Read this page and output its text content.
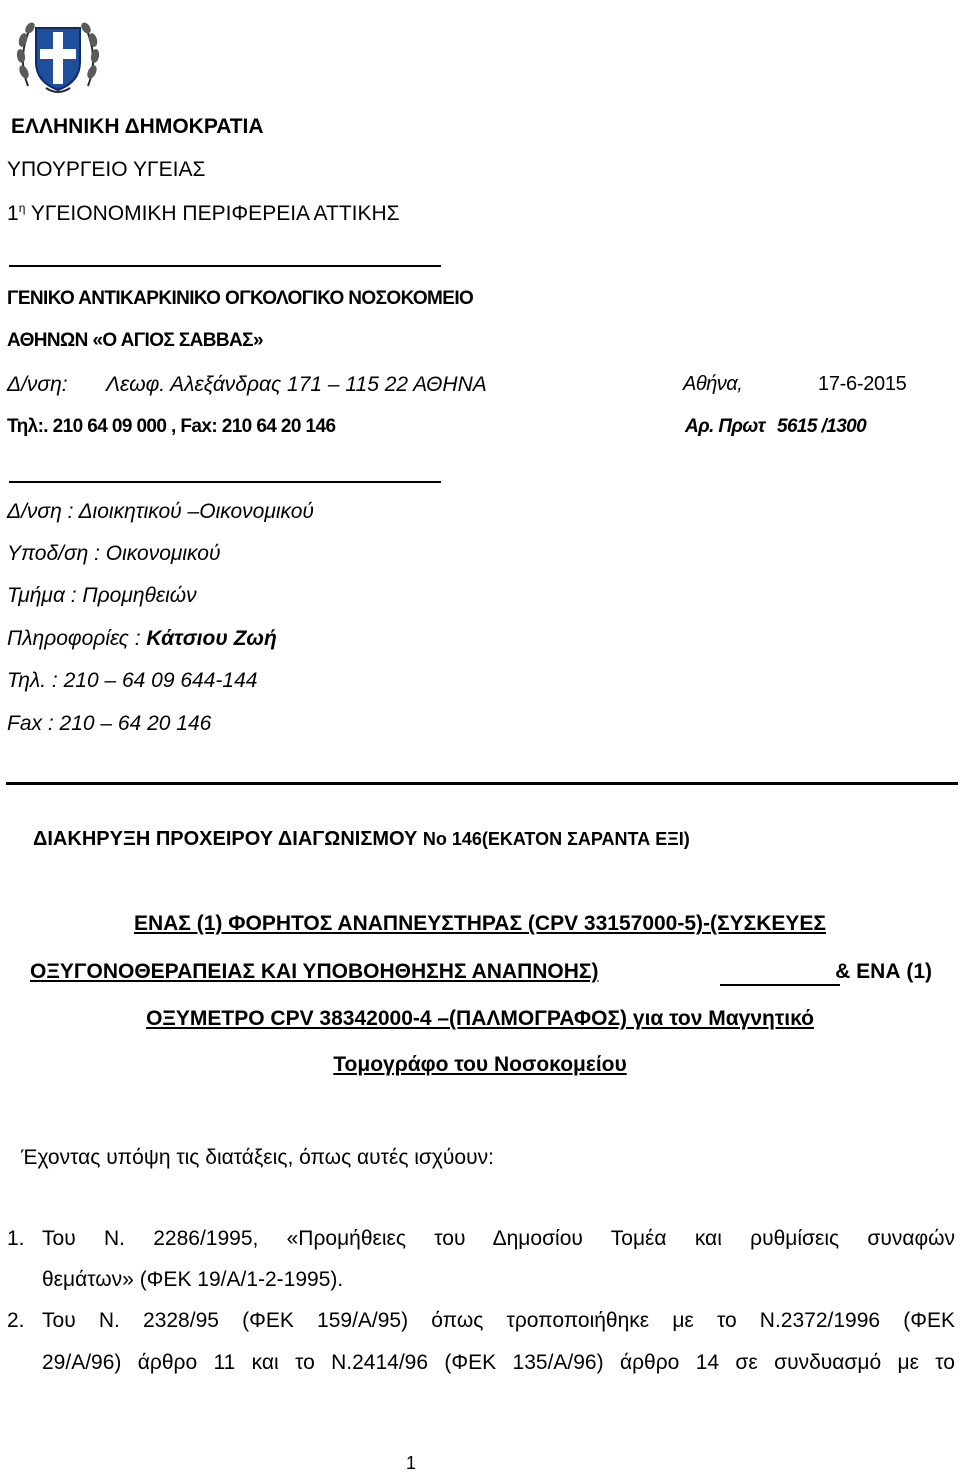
ΕΛΛΗΝΙΚΗ ΔΗΜΟΚΡΑΤΙΑ
ΥΠΟΥΡΓΕΙΟ ΥΓΕΙΑΣ
$1^\eta$ ΥΓΕΙΟΝΟΜΙΚΗ ΠΕΡΙΦΕΡΕΙΑ ΑΤΤΙΚΗΣ
ΓΕΝΙΚΟ ΑΝΤΙΚΑΡΚΙΝΙΚΟ ΟΓΚΟΛΟΓΙΚΟ ΝΟΣΟΚΟΜΕΙΟ
ΑΘΗΝΩΝ «Ο ΑΓΙΟΣ ΣΑΒΒΑΣ»
Δ/νση: Λεωφ. Αλεξάνδρας 171 – 115 22 ΑΘΗΝΑ	Αθήνα,	17-6-2015
Τηλ:. 210 64 09 000 , Fax: 210 64 20 146	Αρ. Πρωτ 5615 /1300
Δ/νση : Διοικητικού –Οικονομικού
Υποδ/ση : Οικονομικού
Τμήμα : Προμηθειών
Πληροφορίες : Κάτσιου Ζωή
Τηλ. : 210 – 64 09 644-144
Fax : 210 – 64 20 146
ΔΙΑΚΗΡΥΞΗ ΠΡΟΧΕΙΡΟΥ ΔΙΑΓΩΝΙΣΜΟΥ Νο 146(ΕΚΑΤΟΝ ΣΑΡΑΝΤΑ ΕΞΙ)
ΕΝΑΣ (1) ΦΟΡΗΤΟΣ ΑΝΑΠΝΕΥΣΤΗΡΑΣ (CPV 33157000-5)-(ΣΥΣΚΕΥΕΣ
ΟΞΥΓΟΝΟΘΕΡΑΠΕΙΑΣ ΚΑΙ ΥΠΟΒΟΗΘΗΣΗΣ ΑΝΑΠΝΟΗΣ)	& ΕΝΑ (1)
ΟΞΥΜΕΤΡΟ CPV 38342000-4 –(ΠΑΛΜΟΓΡΑΦΟΣ) για τον Μαγνητικό
Τομογράφο του Νοσοκομείου
Έχοντας υπόψη τις διατάξεις, όπως αυτές ισχύουν:
1. Του Ν. 2286/1995, «Προμήθειες του Δημοσίου Τομέα και ρυθμίσεις συναφών
θεμάτων» (ΦΕΚ 19/Α/1-2-1995).
2. Του Ν. 2328/95 (ΦΕΚ 159/Α/95) όπως τροποποιήθηκε με το Ν.2372/1996 (ΦΕΚ
29/Α/96) άρθρο 11 και το Ν.2414/96 (ΦΕΚ 135/Α/96) άρθρο 14 σε συνδυασμό με το
1
